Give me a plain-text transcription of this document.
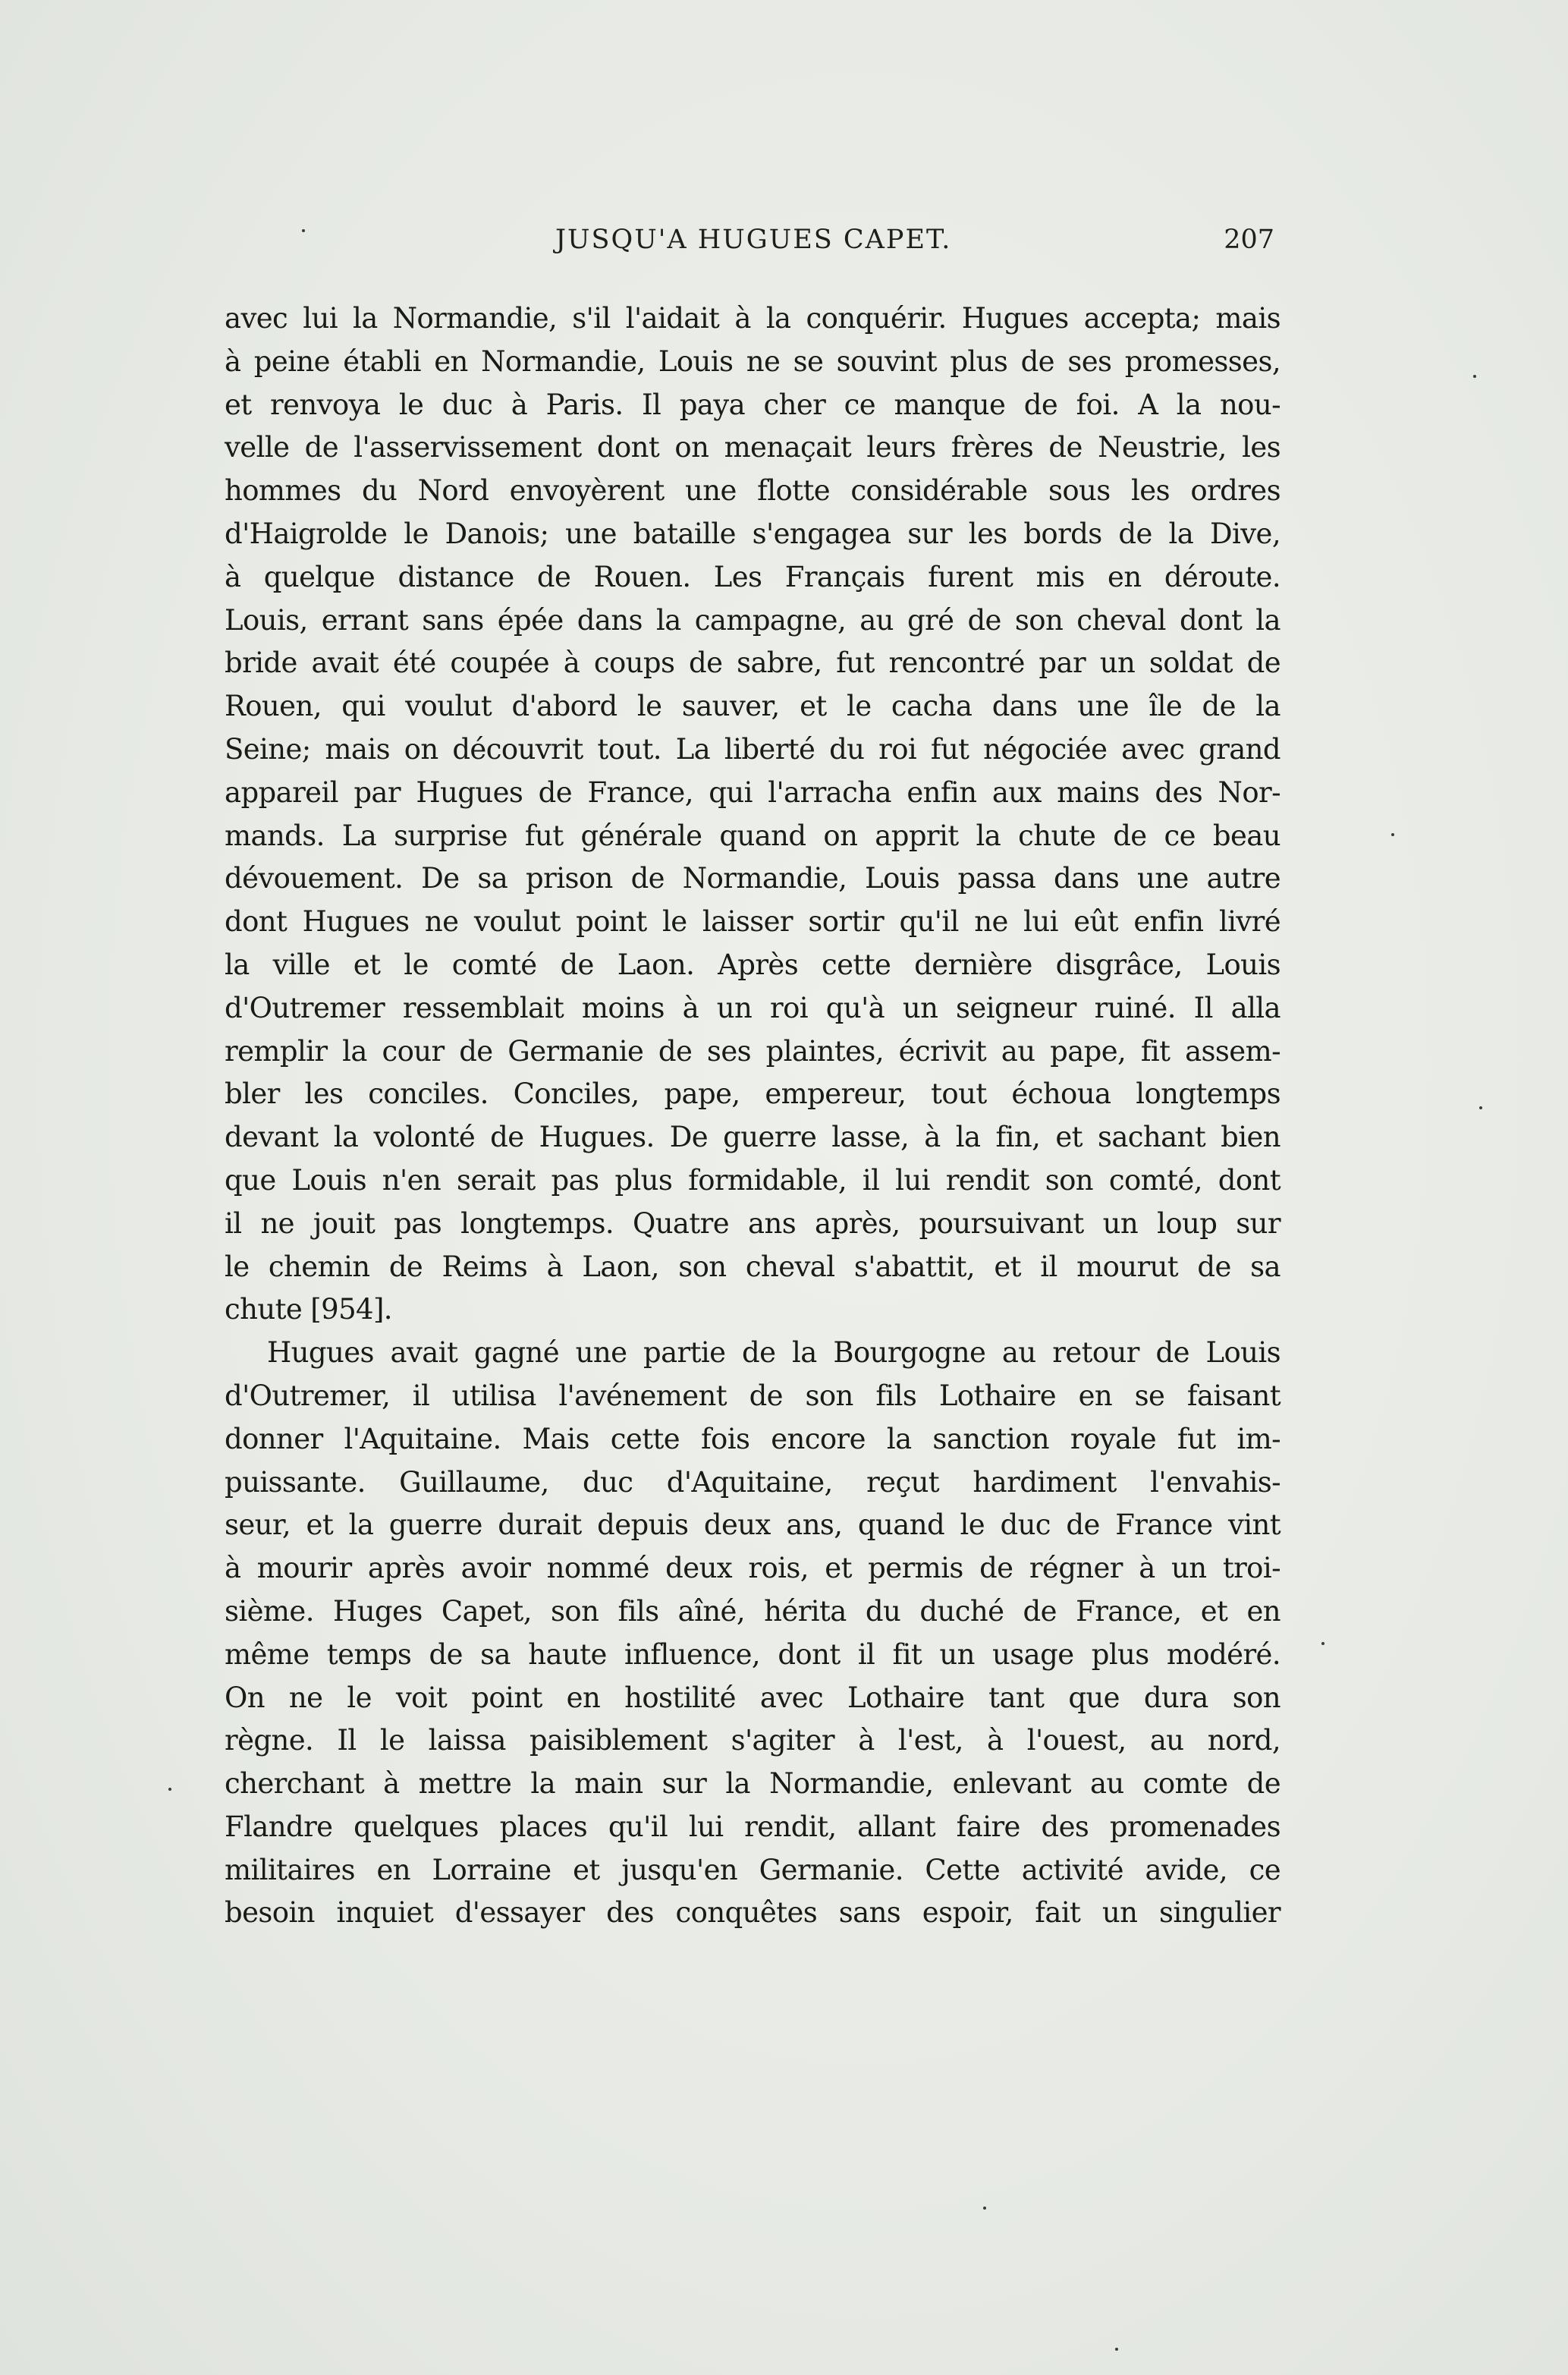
JUSQU'A HUGUES CAPET.	207
avec lui la Normandie, s'il l'aidait à la conquérir. Hugues accepta; mais
à peine établi en Normandie, Louis ne se souvint plus de ses promesses,
et renvoya le duc à Paris. Il paya cher ce manque de foi. A la nou-
velle de l'asservissement dont on menaçait leurs frères de Neustrie, les
hommes du Nord envoyèrent une flotte considérable sous les ordres
d'Haigrolde le Danois; une bataille s'engagea sur les bords de la Dive,
à quelque distance de Rouen. Les Français furent mis en déroute.
Louis, errant sans épée dans la campagne, au gré de son cheval dont la
bride avait été coupée à coups de sabre, fut rencontré par un soldat de
Rouen, qui voulut d'abord le sauver, et le cacha dans une île de la
Seine; mais on découvrit tout. La liberté du roi fut négociée avec grand
appareil par Hugues de France, qui l'arracha enfin aux mains des Nor-
mands. La surprise fut générale quand on apprit la chute de ce beau
dévouement. De sa prison de Normandie, Louis passa dans une autre
dont Hugues ne voulut point le laisser sortir qu'il ne lui eût enfin livré
la ville et le comté de Laon. Après cette dernière disgrâce, Louis
d'Outremer ressemblait moins à un roi qu'à un seigneur ruiné. Il alla
remplir la cour de Germanie de ses plaintes, écrivit au pape, fit assem-
bler les conciles. Conciles, pape, empereur, tout échoua longtemps
devant la volonté de Hugues. De guerre lasse, à la fin, et sachant bien
que Louis n'en serait pas plus formidable, il lui rendit son comté, dont
il ne jouit pas longtemps. Quatre ans après, poursuivant un loup sur
le chemin de Reims à Laon, son cheval s'abattit, et il mourut de sa
chute [954].
Hugues avait gagné une partie de la Bourgogne au retour de Louis
d'Outremer, il utilisa l'avénement de son fils Lothaire en se faisant
donner l'Aquitaine. Mais cette fois encore la sanction royale fut im-
puissante. Guillaume, duc d'Aquitaine, reçut hardiment l'envahis-
seur, et la guerre durait depuis deux ans, quand le duc de France vint
à mourir après avoir nommé deux rois, et permis de régner à un troi-
sième. Huges Capet, son fils aîné, hérita du duché de France, et en
même temps de sa haute influence, dont il fit un usage plus modéré.
On ne le voit point en hostilité avec Lothaire tant que dura son
règne. Il le laissa paisiblement s'agiter à l'est, à l'ouest, au nord,
cherchant à mettre la main sur la Normandie, enlevant au comte de
Flandre quelques places qu'il lui rendit, allant faire des promenades
militaires en Lorraine et jusqu'en Germanie. Cette activité avide, ce
besoin inquiet d'essayer des conquêtes sans espoir, fait un singulier
